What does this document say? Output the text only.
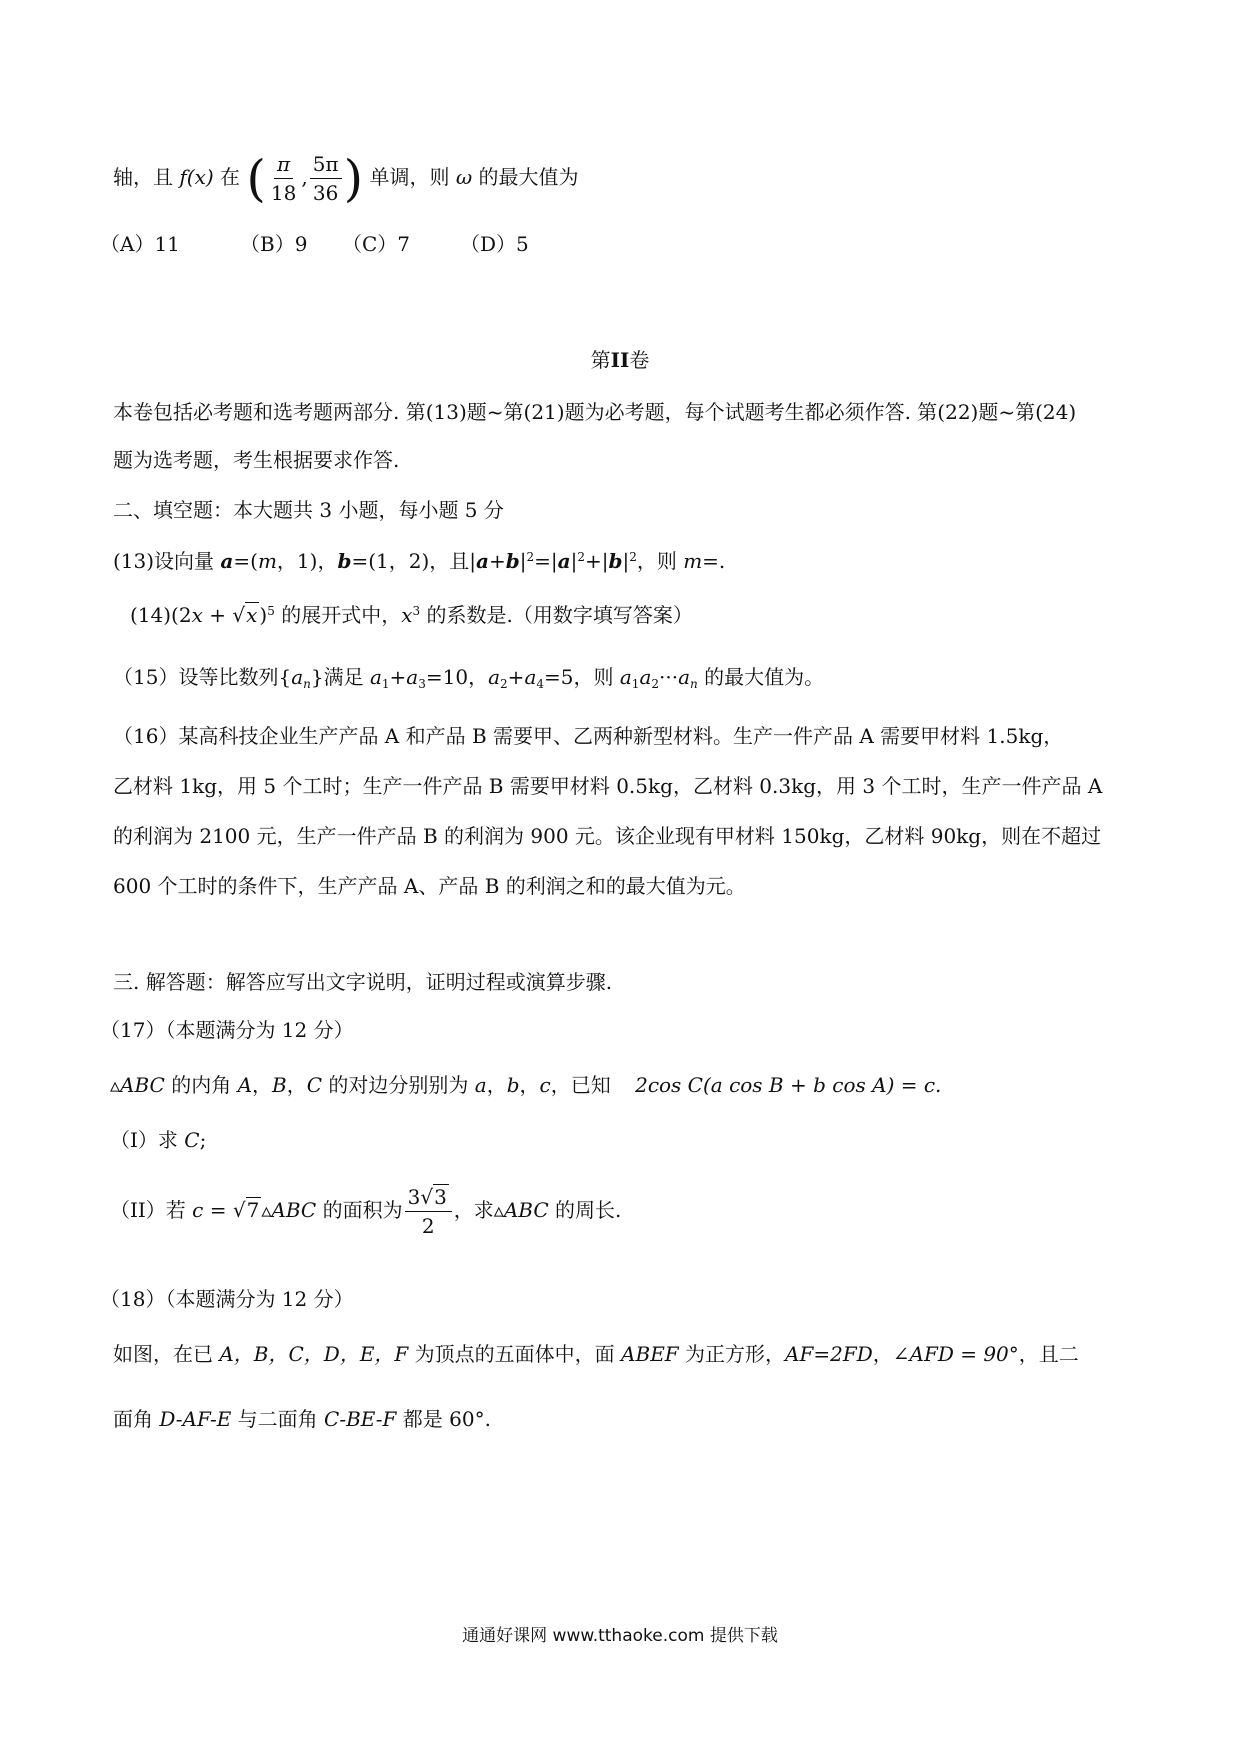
轴，且 f(x) 在 ( $\frac{\pi}{18}$ , $\frac{5\pi}{36}$ ) 单调，则 ω 的最大值为
（A）11	（B）9 （C）7 （D）5
第II卷
本卷包括必考题和选考题两部分. 第(13)题~第(21)题为必考题，每个试题考生都必须作答. 第(22)题~第(24)
题为选考题，考生根据要求作答.
二、填空题：本大题共 3 小题，每小题 5 分
(13)设向量 a=(m，1)，b=(1，2)，且$|a+b|^2=|a|^2+|b|^2$，则 m=.
(14)(2x + √x )$^5$ 的展开式中，$x^3$ 的系数是.（用数字填写答案）
（15）设等比数列$\{a_n\}$满足 $a_1+a_3=10$，$a_2+a_4=5$，则 $a_1a_2\cdot\cdot\cdot a_n$ 的最大值为。
（16）某高科技企业生产产品 A 和产品 B 需要甲、乙两种新型材料。生产一件产品 A 需要甲材料 1.5kg，
乙材料 1kg，用 5 个工时；生产一件产品 B 需要甲材料 0.5kg，乙材料 0.3kg，用 3 个工时，生产一件产品 A
的利润为 2100 元，生产一件产品 B 的利润为 900 元。该企业现有甲材料 150kg，乙材料 90kg，则在不超过
600 个工时的条件下，生产产品 A、产品 B 的利润之和的最大值为元。
三. 解答题：解答应写出文字说明，证明过程或演算步骤.
（17）（本题满分为 12 分）
▵ABC 的内角 A，B，C 的对边分别别为 a，b，c，已知 2cos C(a cos B + b cos A) = c.
（I）求 C;
（II）若 c = √7 ▵ABC 的面积为 $\frac{3√3}{2}$ ，求▵ABC 的周长.
（18）（本题满分为 12 分）
如图，在已 A，B，C，D，E，F 为顶点的五面体中，面 ABEF 为正方形，AF=2FD，∠AFD = 90°，且二
面角 D-AF-E 与二面角 C-BE-F 都是 60°.
通通好课网 www.tthaoke.com 提供下载
